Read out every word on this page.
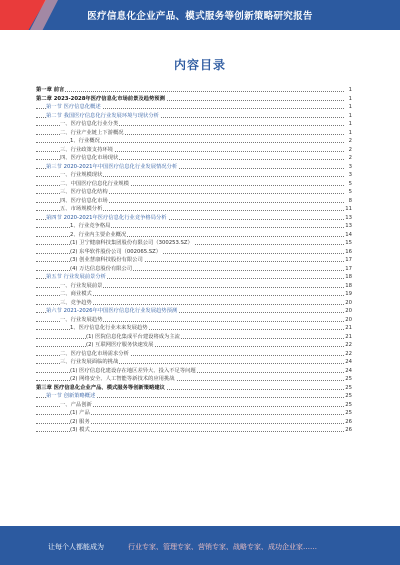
医疗信息化企业产品、模式服务等创新策略研究报告
内容目录
第一章 前言	1
第二章 2023-2028年医疗信息化市场前景及趋势预测	1
第一节 医疗信息化概述	1
第二节 我国医疗信息化行业发展环境与现状分析	1
一、医疗信息化行业分类	1
二、行业产业链上下游概况	1
1、行业概况	2
三、行业政策支持环境	2
四、医疗信息化市场现状	2
第三节 2020-2021年中国医疗信息化行业发展情况分析	3
一、行业规模现状	3
二、中国医疗信息化行业规模	5
三、医疗信息化结构	5
四、医疗信息化市场	8
五、市场规模分析	11
第四节 2020-2021年医疗信息化行业竞争格局分析	13
1、行业竞争格局	13
2、行业内主要企业概况	14
(1) 卫宁健康科技集团股份有限公司（300253.SZ）	15
(2) 东华软件股份公司（002065.SZ）	16
(3) 创业慧康科技股份有限公司	17
(4) 万达信息股份有限公司	17
第五节 行业发展前景分析	18
一、行业发展前景	18
二、商业模式	19
三、竞争趋势	20
第六节 2021-2026年中国医疗信息化行业发展趋势预测	20
一、行业发展趋势	20
1、医疗信息化行业未来发展趋势	21
(1) 医院信息化集成平台建设将成为主流	21
(2) 互联网医疗服务快速发展	22
二、医疗信息化市场需求分析	22
三、行业发展面临的挑战	24
(1) 医疗信息化建设存在地区差异大、投入不足等问题	24
(2) 网络安全、人工智能等新技术的应用挑战	25
第三章 医疗信息化企业产品、模式服务等创新策略建议	25
第一节 创新策略概述	25
一、产品创新	25
(1) 产品	25
(2) 服务	26
(3) 模式	26
让每个人都能成为	行业专家、管理专家、营销专家、战略专家、成功企业家……
